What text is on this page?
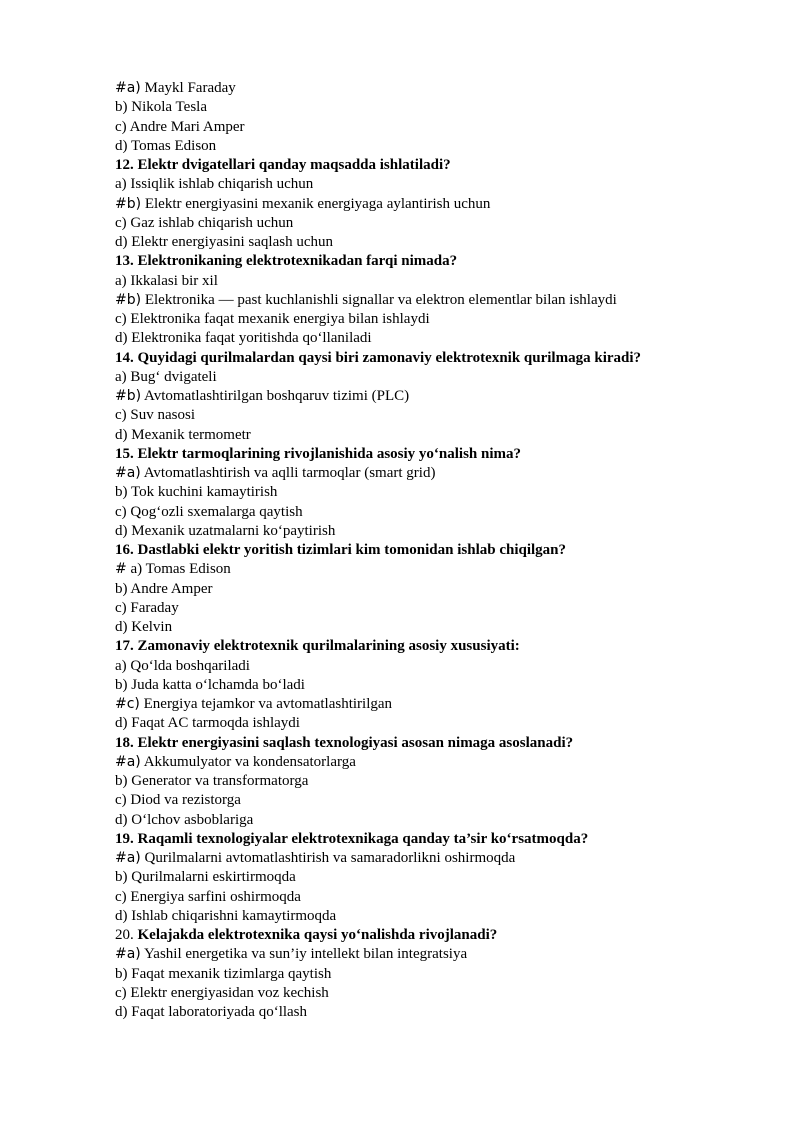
#a) Maykl Faraday
b) Nikola Tesla
c) Andre Mari Amper
d) Tomas Edison
12. Elektr dvigatellari qanday maqsadda ishlatiladi?
a) Issiqlik ishlab chiqarish uchun
#b) Elektr energiyasini mexanik energiyaga aylantirish uchun
c) Gaz ishlab chiqarish uchun
d) Elektr energiyasini saqlash uchun
13. Elektronikaning elektrotexnikadan farqi nimada?
a) Ikkalasi bir xil
#b) Elektronika — past kuchlanishli signallar va elektron elementlar bilan ishlaydi
c) Elektronika faqat mexanik energiya bilan ishlaydi
d) Elektronika faqat yoritishda qo‘llaniladi
14. Quyidagi qurilmalardan qaysi biri zamonaviy elektrotexnik qurilmaga kiradi?
a) Bug‘ dvigateli
#b) Avtomatlashtirilgan boshqaruv tizimi (PLC)
c) Suv nasosi
d) Mexanik termometr
15. Elektr tarmoqlarining rivojlanishida asosiy yo‘nalish nima?
#a) Avtomatlashtirish va aqlli tarmoqlar (smart grid)
b) Tok kuchini kamaytirish
c) Qog‘ozli sxemalarga qaytish
d) Mexanik uzatmalarni ko‘paytirish
16. Dastlabki elektr yoritish tizimlari kim tomonidan ishlab chiqilgan?
# a) Tomas Edison
b) Andre Amper
c) Faraday
d) Kelvin
17. Zamonaviy elektrotexnik qurilmalarining asosiy xususiyati:
a) Qo‘lda boshqariladi
b) Juda katta o‘lchamda bo‘ladi
#c) Energiya tejamkor va avtomatlashtirilgan
d) Faqat AC tarmoqda ishlaydi
18. Elektr energiyasini saqlash texnologiyasi asosan nimaga asoslanadi?
#a) Akkumulyator va kondensatorlarga
b) Generator va transformatorga
c) Diod va rezistorga
d) O‘lchov asboblariga
19. Raqamli texnologiyalar elektrotexnikaga qanday ta’sir ko‘rsatmoqda?
#a) Qurilmalarni avtomatlashtirish va samaradorlikni oshirmoqda
b) Qurilmalarni eskirtirmoqda
c) Energiya sarfini oshirmoqda
d) Ishlab chiqarishni kamaytirmoqda
20. Kelajakda elektrotexnika qaysi yo‘nalishda rivojlanadi?
#a) Yashil energetika va sun’iy intellekt bilan integratsiya
b) Faqat mexanik tizimlarga qaytish
c) Elektr energiyasidan voz kechish
d) Faqat laboratoriyada qo‘llash
